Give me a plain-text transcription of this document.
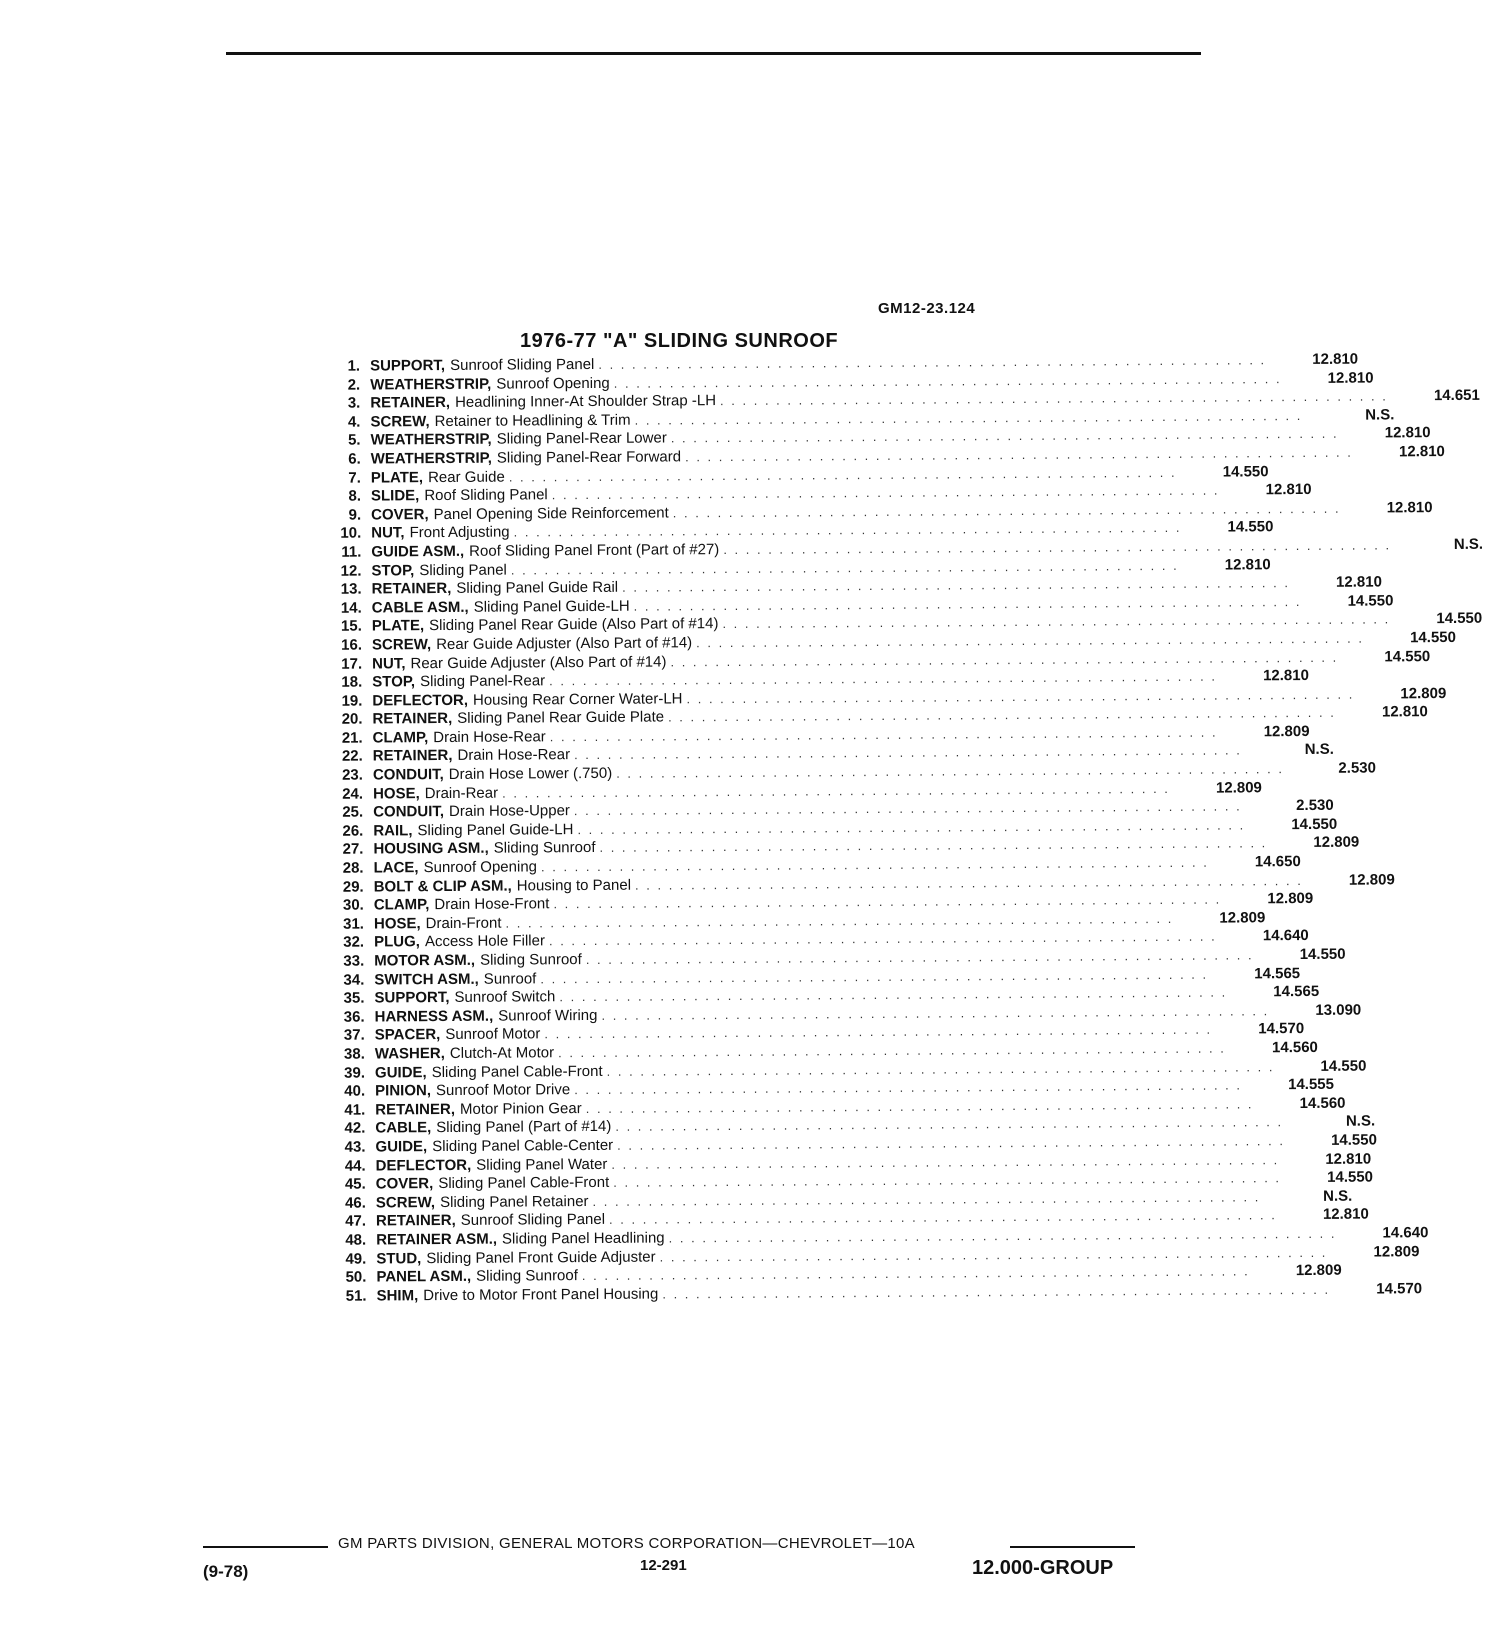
GM12-23.124
1976-77 "A" SLIDING SUNROOF
1. SUPPORT, Sunroof Sliding Panel . . . . . . . . . . . . . . . . . . . . . . . . . . . . . . . . . . . . . . . . . . . . . . . . . . . . . . . . . . . .	12.810
2. WEATHERSTRIP, Sunroof Opening . . . . . . . . . . . . . . . . . . . . . . . . . . . . . . . . . . . . . . . . . . . . . . . . . . . . . . . . . . . .	12.810
3. RETAINER, Headlining Inner-At Shoulder Strap -LH . . . . . . . . . . . . . . . . . . . . . . . . . . . . . . . . . . . . . . . . . . . . . . . . . . . . . . . . . . . .	14.651
4. SCREW, Retainer to Headlining & Trim . . . . . . . . . . . . . . . . . . . . . . . . . . . . . . . . . . . . . . . . . . . . . . . . . . . . . . . . . . . .	N.S.
5. WEATHERSTRIP, Sliding Panel-Rear Lower . . . . . . . . . . . . . . . . . . . . . . . . . . . . . . . . . . . . . . . . . . . . . . . . . . . . . . . . . . . .	12.810
6. WEATHERSTRIP, Sliding Panel-Rear Forward . . . . . . . . . . . . . . . . . . . . . . . . . . . . . . . . . . . . . . . . . . . . . . . . . . . . . . . . . . . .	12.810
7. PLATE, Rear Guide . . . . . . . . . . . . . . . . . . . . . . . . . . . . . . . . . . . . . . . . . . . . . . . . . . . . . . . . . . . .	14.550
8. SLIDE, Roof Sliding Panel . . . . . . . . . . . . . . . . . . . . . . . . . . . . . . . . . . . . . . . . . . . . . . . . . . . . . . . . . . . .	12.810
9. COVER, Panel Opening Side Reinforcement . . . . . . . . . . . . . . . . . . . . . . . . . . . . . . . . . . . . . . . . . . . . . . . . . . . . . . . . . . . .	12.810
10. NUT, Front Adjusting . . . . . . . . . . . . . . . . . . . . . . . . . . . . . . . . . . . . . . . . . . . . . . . . . . . . . . . . . . . .	14.550
11. GUIDE ASM., Roof Sliding Panel Front (Part of #27) . . . . . . . . . . . . . . . . . . . . . . . . . . . . . . . . . . . . . . . . . . . . . . . . . . . . . . . . . . . .	N.S.
12. STOP, Sliding Panel . . . . . . . . . . . . . . . . . . . . . . . . . . . . . . . . . . . . . . . . . . . . . . . . . . . . . . . . . . . .	12.810
13. RETAINER, Sliding Panel Guide Rail . . . . . . . . . . . . . . . . . . . . . . . . . . . . . . . . . . . . . . . . . . . . . . . . . . . . . . . . . . . .	12.810
14. CABLE ASM., Sliding Panel Guide-LH . . . . . . . . . . . . . . . . . . . . . . . . . . . . . . . . . . . . . . . . . . . . . . . . . . . . . . . . . . . .	14.550
15. PLATE, Sliding Panel Rear Guide (Also Part of #14) . . . . . . . . . . . . . . . . . . . . . . . . . . . . . . . . . . . . . . . . . . . . . . . . . . . . . . . . . . . .	14.550
16. SCREW, Rear Guide Adjuster (Also Part of #14) . . . . . . . . . . . . . . . . . . . . . . . . . . . . . . . . . . . . . . . . . . . . . . . . . . . . . . . . . . . .	14.550
17. NUT, Rear Guide Adjuster (Also Part of #14) . . . . . . . . . . . . . . . . . . . . . . . . . . . . . . . . . . . . . . . . . . . . . . . . . . . . . . . . . . . .	14.550
18. STOP, Sliding Panel-Rear . . . . . . . . . . . . . . . . . . . . . . . . . . . . . . . . . . . . . . . . . . . . . . . . . . . . . . . . . . . .	12.810
19. DEFLECTOR, Housing Rear Corner Water-LH . . . . . . . . . . . . . . . . . . . . . . . . . . . . . . . . . . . . . . . . . . . . . . . . . . . . . . . . . . . .	12.809
20. RETAINER, Sliding Panel Rear Guide Plate . . . . . . . . . . . . . . . . . . . . . . . . . . . . . . . . . . . . . . . . . . . . . . . . . . . . . . . . . . . .	12.810
21. CLAMP, Drain Hose-Rear . . . . . . . . . . . . . . . . . . . . . . . . . . . . . . . . . . . . . . . . . . . . . . . . . . . . . . . . . . . .	12.809
22. RETAINER, Drain Hose-Rear . . . . . . . . . . . . . . . . . . . . . . . . . . . . . . . . . . . . . . . . . . . . . . . . . . . . . . . . . . . .	N.S.
23. CONDUIT, Drain Hose Lower (.750) . . . . . . . . . . . . . . . . . . . . . . . . . . . . . . . . . . . . . . . . . . . . . . . . . . . . . . . . . . . .	2.530
24. HOSE, Drain-Rear . . . . . . . . . . . . . . . . . . . . . . . . . . . . . . . . . . . . . . . . . . . . . . . . . . . . . . . . . . . .	12.809
25. CONDUIT, Drain Hose-Upper . . . . . . . . . . . . . . . . . . . . . . . . . . . . . . . . . . . . . . . . . . . . . . . . . . . . . . . . . . . .	2.530
26. RAIL, Sliding Panel Guide-LH . . . . . . . . . . . . . . . . . . . . . . . . . . . . . . . . . . . . . . . . . . . . . . . . . . . . . . . . . . . .	14.550
27. HOUSING ASM., Sliding Sunroof . . . . . . . . . . . . . . . . . . . . . . . . . . . . . . . . . . . . . . . . . . . . . . . . . . . . . . . . . . . .	12.809
28. LACE, Sunroof Opening . . . . . . . . . . . . . . . . . . . . . . . . . . . . . . . . . . . . . . . . . . . . . . . . . . . . . . . . . . . .	14.650
29. BOLT & CLIP ASM., Housing to Panel . . . . . . . . . . . . . . . . . . . . . . . . . . . . . . . . . . . . . . . . . . . . . . . . . . . . . . . . . . . .	12.809
30. CLAMP, Drain Hose-Front . . . . . . . . . . . . . . . . . . . . . . . . . . . . . . . . . . . . . . . . . . . . . . . . . . . . . . . . . . . .	12.809
31. HOSE, Drain-Front . . . . . . . . . . . . . . . . . . . . . . . . . . . . . . . . . . . . . . . . . . . . . . . . . . . . . . . . . . . .	12.809
32. PLUG, Access Hole Filler . . . . . . . . . . . . . . . . . . . . . . . . . . . . . . . . . . . . . . . . . . . . . . . . . . . . . . . . . . . .	14.640
33. MOTOR ASM., Sliding Sunroof . . . . . . . . . . . . . . . . . . . . . . . . . . . . . . . . . . . . . . . . . . . . . . . . . . . . . . . . . . . .	14.550
34. SWITCH ASM., Sunroof . . . . . . . . . . . . . . . . . . . . . . . . . . . . . . . . . . . . . . . . . . . . . . . . . . . . . . . . . . . .	14.565
35. SUPPORT, Sunroof Switch . . . . . . . . . . . . . . . . . . . . . . . . . . . . . . . . . . . . . . . . . . . . . . . . . . . . . . . . . . . .	14.565
36. HARNESS ASM., Sunroof Wiring . . . . . . . . . . . . . . . . . . . . . . . . . . . . . . . . . . . . . . . . . . . . . . . . . . . . . . . . . . . .	13.090
37. SPACER, Sunroof Motor . . . . . . . . . . . . . . . . . . . . . . . . . . . . . . . . . . . . . . . . . . . . . . . . . . . . . . . . . . . .	14.570
38. WASHER, Clutch-At Motor . . . . . . . . . . . . . . . . . . . . . . . . . . . . . . . . . . . . . . . . . . . . . . . . . . . . . . . . . . . .	14.560
39. GUIDE, Sliding Panel Cable-Front . . . . . . . . . . . . . . . . . . . . . . . . . . . . . . . . . . . . . . . . . . . . . . . . . . . . . . . . . . . .	14.550
40. PINION, Sunroof Motor Drive . . . . . . . . . . . . . . . . . . . . . . . . . . . . . . . . . . . . . . . . . . . . . . . . . . . . . . . . . . . .	14.555
41. RETAINER, Motor Pinion Gear . . . . . . . . . . . . . . . . . . . . . . . . . . . . . . . . . . . . . . . . . . . . . . . . . . . . . . . . . . . .	14.560
42. CABLE, Sliding Panel (Part of #14) . . . . . . . . . . . . . . . . . . . . . . . . . . . . . . . . . . . . . . . . . . . . . . . . . . . . . . . . . . . .	N.S.
43. GUIDE, Sliding Panel Cable-Center . . . . . . . . . . . . . . . . . . . . . . . . . . . . . . . . . . . . . . . . . . . . . . . . . . . . . . . . . . . .	14.550
44. DEFLECTOR, Sliding Panel Water . . . . . . . . . . . . . . . . . . . . . . . . . . . . . . . . . . . . . . . . . . . . . . . . . . . . . . . . . . . .	12.810
45. COVER, Sliding Panel Cable-Front . . . . . . . . . . . . . . . . . . . . . . . . . . . . . . . . . . . . . . . . . . . . . . . . . . . . . . . . . . . .	14.550
46. SCREW, Sliding Panel Retainer . . . . . . . . . . . . . . . . . . . . . . . . . . . . . . . . . . . . . . . . . . . . . . . . . . . . . . . . . . . .	N.S.
47. RETAINER, Sunroof Sliding Panel . . . . . . . . . . . . . . . . . . . . . . . . . . . . . . . . . . . . . . . . . . . . . . . . . . . . . . . . . . . .	12.810
48. RETAINER ASM., Sliding Panel Headlining . . . . . . . . . . . . . . . . . . . . . . . . . . . . . . . . . . . . . . . . . . . . . . . . . . . . . . . . . . . .	14.640
49. STUD, Sliding Panel Front Guide Adjuster . . . . . . . . . . . . . . . . . . . . . . . . . . . . . . . . . . . . . . . . . . . . . . . . . . . . . . . . . . . .	12.809
50. PANEL ASM., Sliding Sunroof . . . . . . . . . . . . . . . . . . . . . . . . . . . . . . . . . . . . . . . . . . . . . . . . . . . . . . . . . . . .	12.809
51. SHIM, Drive to Motor Front Panel Housing . . . . . . . . . . . . . . . . . . . . . . . . . . . . . . . . . . . . . . . . . . . . . . . . . . . . . . . . . . . .	14.570
GM PARTS DIVISION, GENERAL MOTORS CORPORATION—CHEVROLET—10A
(9-78)	12-291	12.000-GROUP
